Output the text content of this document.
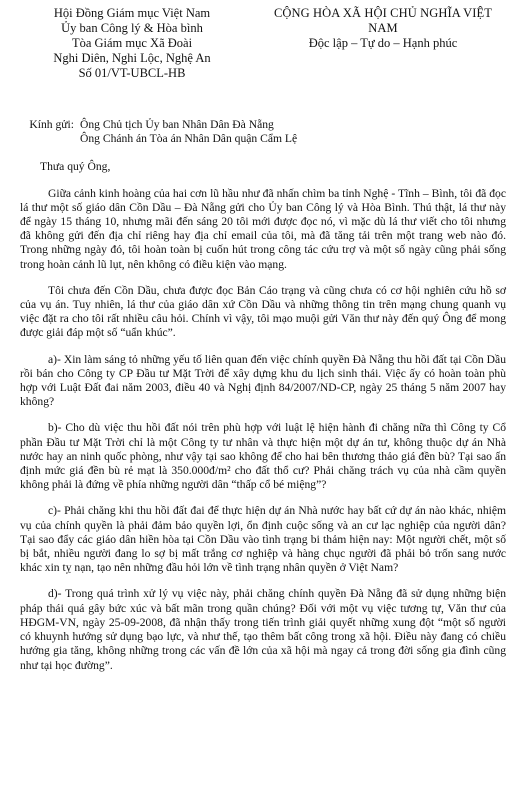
Hội Đồng Giám mục Việt Nam
Ủy ban Công lý & Hòa bình
Tòa Giám mục Xã Đoài
Nghi Diên, Nghi Lộc, Nghệ An
Số 01/VT-UBCL-HB
CỘNG HÒA XÃ HỘI CHỦ NGHĨA VIỆT NAM
Độc lập – Tự do – Hạnh phúc
Kính gửi: Ông Chủ tịch Ủy ban Nhân Dân Đà Nẵng
Ông Chánh án Tòa án Nhân Dân quận Cẩm Lệ

Thưa quý Ông,

Giữa cảnh kinh hoàng của hai cơn lũ hầu như đã nhấn chìm ba tỉnh Nghệ - Tĩnh – Bình, tôi đã đọc lá thư một số giáo dân Cồn Dầu – Đà Nẵng gửi cho Ủy ban Công lý và Hòa Bình. Thú thật, lá thư này để ngày 15 tháng 10, nhưng mãi đến sáng 20 tôi mới được đọc nó, vì mặc dù lá thư viết cho tôi nhưng đã không gửi đến địa chỉ riêng hay địa chỉ email của tôi, mà đã tăng tải trên một trang web nào đó. Trong những ngày đó, tôi hoàn toàn bị cuốn hút trong công tác cứu trợ và một số ngày cũng phải sống trong hoàn cảnh lũ lụt, nên không có điều kiện vào mạng.

Tôi chưa đến Cồn Dầu, chưa được đọc Bản Cáo trạng và cũng chưa có cơ hội nghiên cứu hồ sơ của vụ án. Tuy nhiên, lá thư của giáo dân xứ Cồn Dầu và những thông tin trên mạng chung quanh vụ việc đặt ra cho tôi rất nhiều câu hỏi. Chính vì vậy, tôi mạo muội gửi Văn thư này đến quý Ông để mong được giải đáp một số “uẩn khúc”.

a)- Xin làm sáng tỏ những yếu tố liên quan đến việc chính quyền Đà Nẵng thu hồi đất tại Cồn Dầu rồi bán cho Công ty CP Đầu tư Mặt Trời để xây dựng khu du lịch sinh thái. Việc ấy có hoàn toàn phù hợp với Luật Đất đai năm 2003, điều 40 và Nghị định 84/2007/ND-CP, ngày 25 tháng 5 năm 2007 hay không?

b)- Cho dù việc thu hồi đất nói trên phù hợp với luật lệ hiện hành đi chăng nữa thì Công ty Cổ phần Đầu tư Mặt Trời chỉ là một Công ty tư nhân và thực hiện một dự án tư, không thuộc dự án Nhà nước hay an ninh quốc phòng, như vậy tại sao không để cho hai bên thương thảo giá đền bù? Tại sao ấn định mức giá đền bù rẻ mạt là 350.000đ/m² cho đất thổ cư? Phải chăng trách vụ của nhà cầm quyền không phải là đứng về phía những người dân “thấp cổ bé miệng”?

c)- Phải chăng khi thu hồi đất đai để thực hiện dự án Nhà nước hay bất cứ dự án nào khác, nhiệm vụ của chính quyền là phải đảm bảo quyền lợi, ổn định cuộc sống và an cư lạc nghiệp của người dân? Tại sao đẩy các giáo dân hiền hòa tại Cồn Dầu vào tình trạng bi thảm hiện nay: Một người chết, một số bị bắt, nhiều người đang lo sợ bị mất trắng cơ nghiệp và hàng chục người đã phải bỏ trốn sang nước khác xin tỵ nạn, tạo nên những đầu hỏi lớn về tình trạng nhân quyền ở Việt Nam?

d)- Trong quá trình xử lý vụ việc này, phải chăng chính quyền Đà Nẵng đã sử dụng những biện pháp thái quá gây bức xúc và bất mãn trong quần chúng? Đối với một vụ việc tương tự, Văn thư của HĐGM-VN, ngày 25-09-2008, đã nhận thấy trong tiến trình giải quyết những xung đột “một số người có khuynh hướng sử dụng bạo lực, và như thế, tạo thêm bất công trong xã hội. Điều này đang có chiều hướng gia tăng, không những trong các vấn đề lớn của xã hội mà ngay cả trong đời sống gia đình cũng như tại học đường”.
